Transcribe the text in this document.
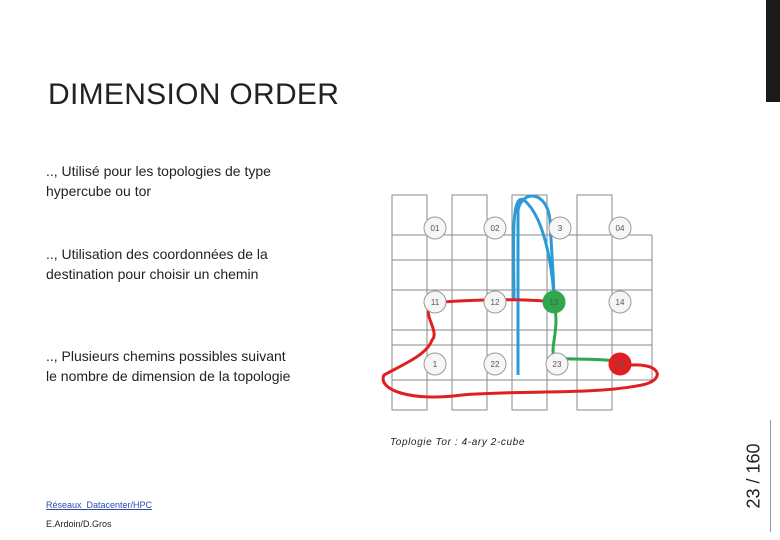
DIMENSION ORDER
.., Utilisé pour les topologies de type hypercube ou tor
.., Utilisation des coordonnées de la destination pour choisir un chemin
.., Plusieurs chemins possibles suivant le nombre de dimension de la topologie
01	02	3	04
11	12	13	14
1	22	23	24
Toplogie Tor : 4-ary 2-cube
Réseaux_Datacenter/HPC
E.Ardoin/D.Gros
23 / 160
